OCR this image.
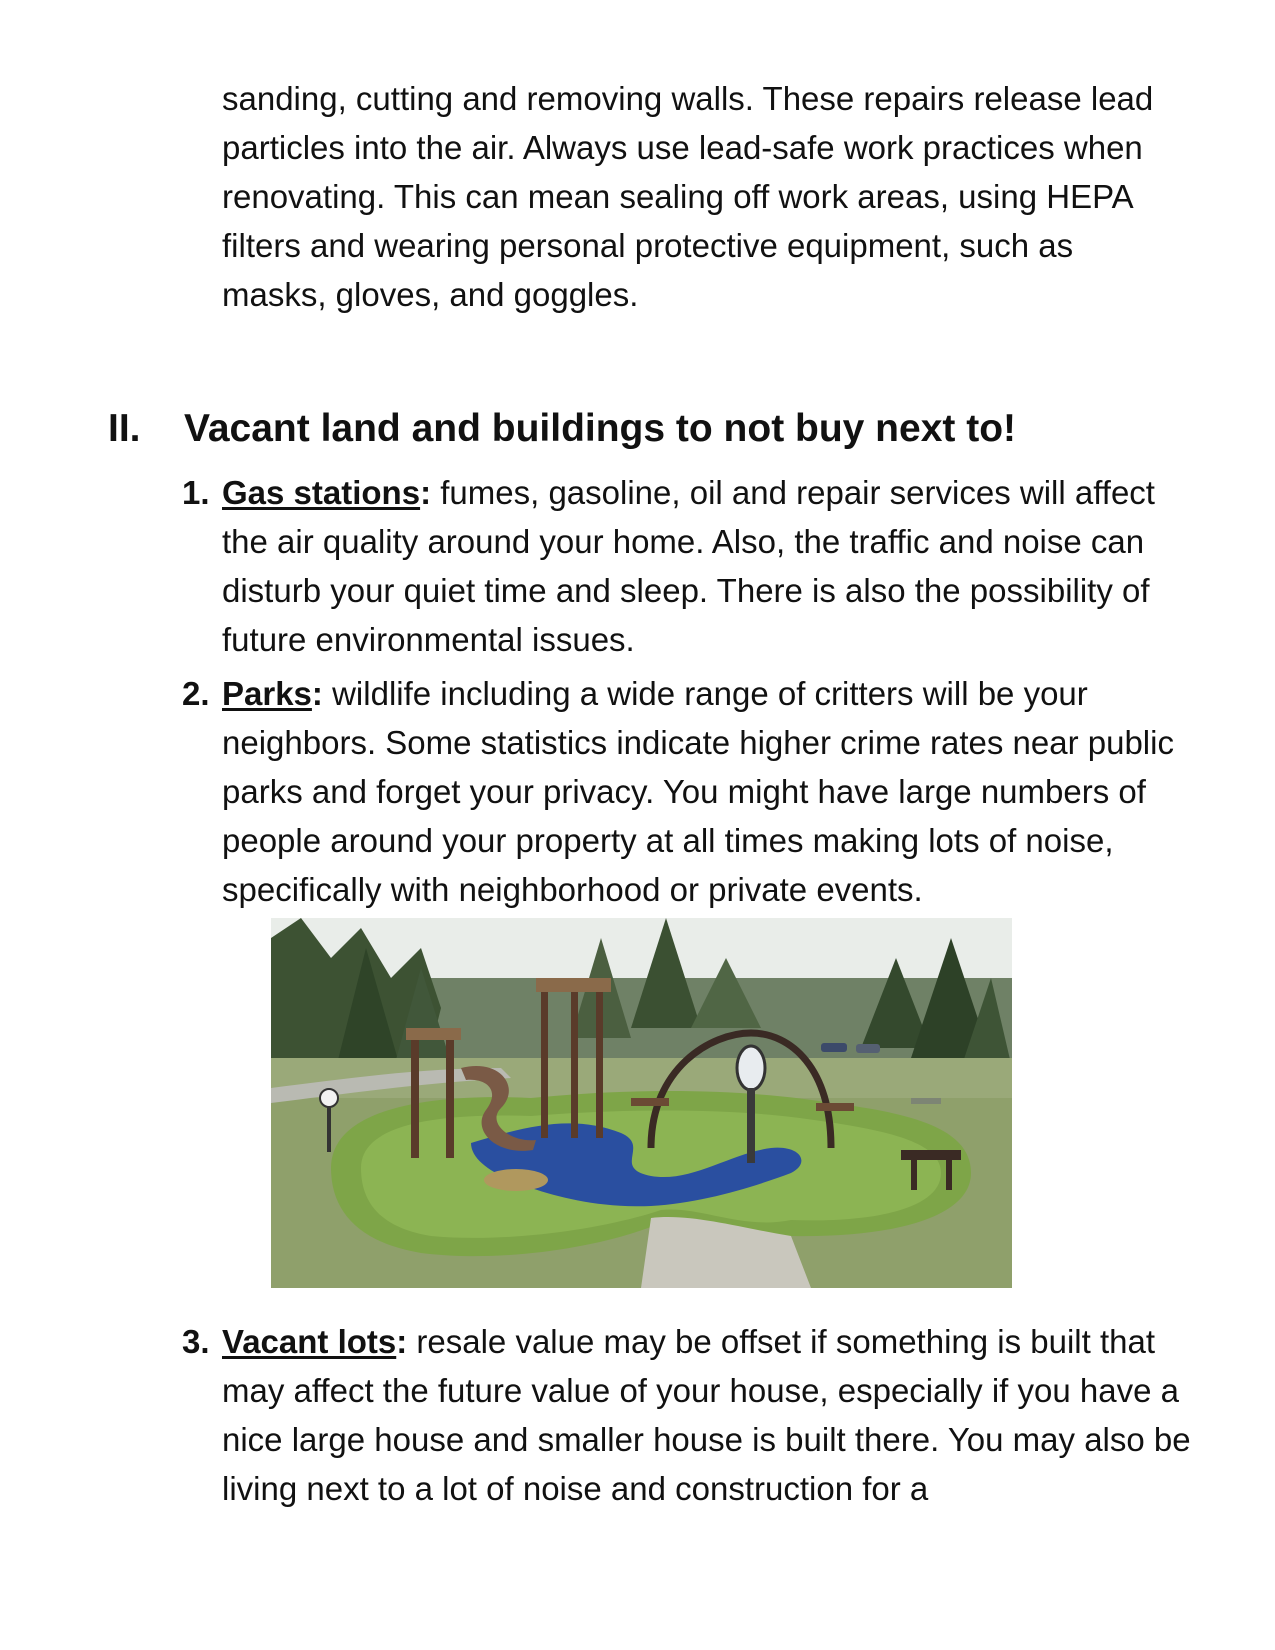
sanding, cutting and removing walls. These repairs release lead particles into the air. Always use lead-safe work practices when renovating. This can mean sealing off work areas, using HEPA filters and wearing personal protective equipment, such as masks, gloves, and goggles.

II. Vacant land and buildings to not buy next to!

1. Gas stations: fumes, gasoline, oil and repair services will affect the air quality around your home. Also, the traffic and noise can disturb your quiet time and sleep. There is also the possibility of future environmental issues.

2. Parks: wildlife including a wide range of critters will be your neighbors. Some statistics indicate higher crime rates near public parks and forget your privacy. You might have large numbers of people around your property at all times making lots of noise, specifically with neighborhood or private events.

3. Vacant lots: resale value may be offset if something is built that may affect the future value of your house, especially if you have a nice large house and smaller house is built there. You may also be living next to a lot of noise and construction for a
